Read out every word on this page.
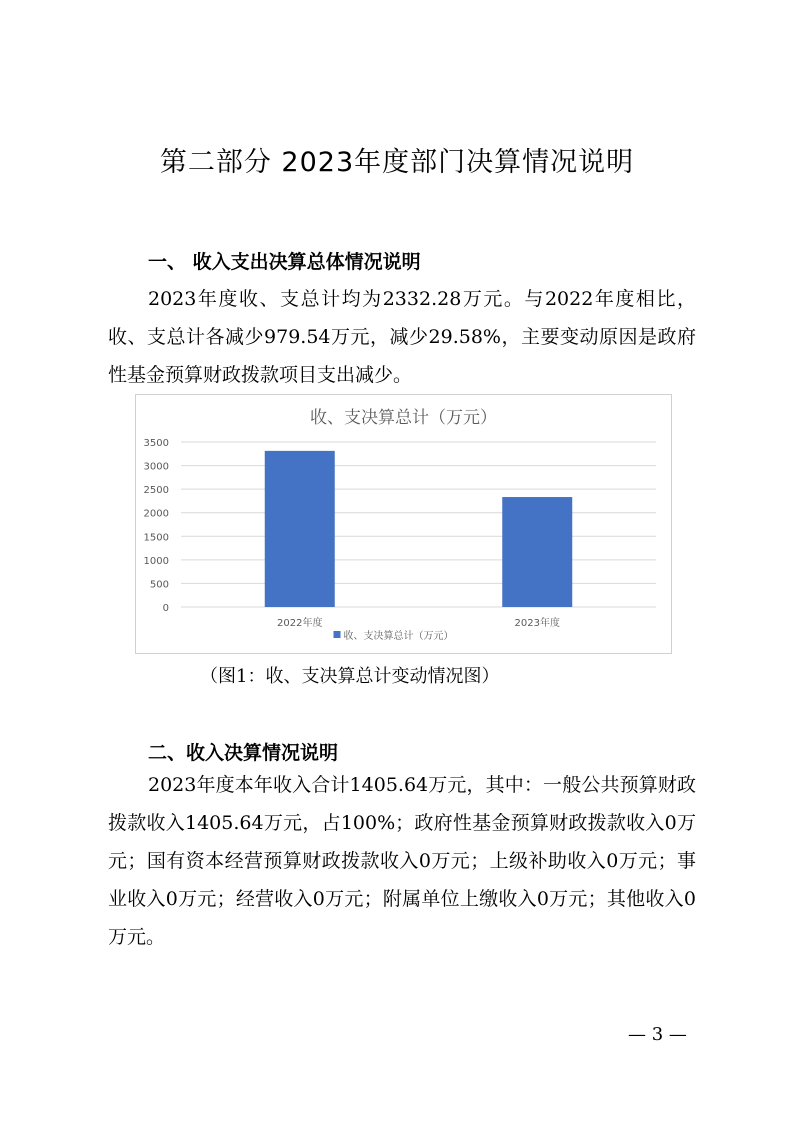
第二部分 2023年度部门决算情况说明
一、 收入支出决算总体情况说明

2023年度收、支总计均为2332.28万元。与2022年度相比，收、支总计各减少979.54万元，减少29.58%，主要变动原因是政府性基金预算财政拨款项目支出减少。

收、支决算总计（万元）
0
500
1000
1500
2000
2500
3000
3500
2022年度	2023年度
收、支决算总计（万元）
（图1：收、支决算总计变动情况图）
二、收入决算情况说明

2023年度本年收入合计1405.64万元，其中：一般公共预算财政拨款收入1405.64万元，占100%；政府性基金预算财政拨款收入0万元；国有资本经营预算财政拨款收入0万元；上级补助收入0万元；事业收入0万元；经营收入0万元；附属单位上缴收入0万元；其他收入0万元。

— 3 —
